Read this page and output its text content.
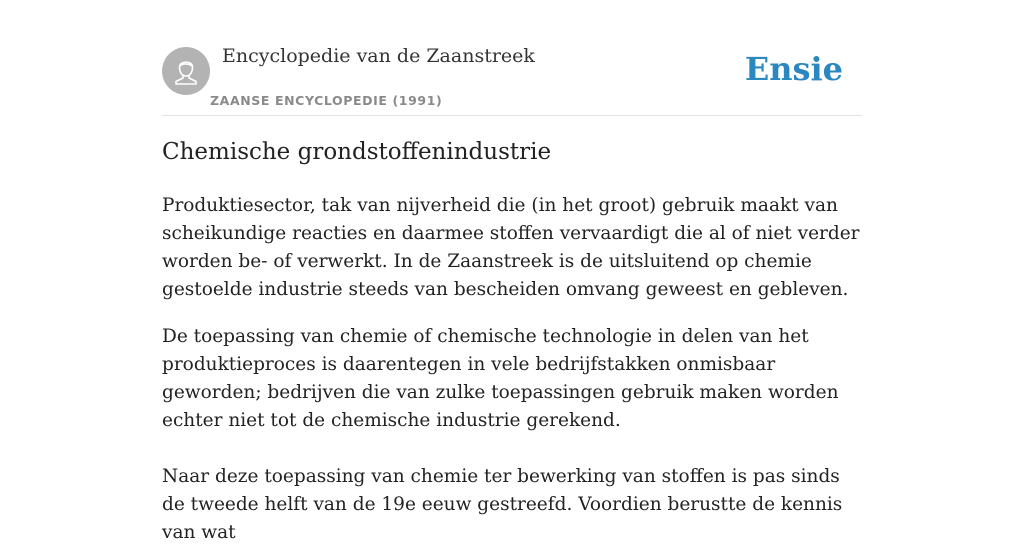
Encyclopedie van de Zaanstreek
ZAANSE ENCYCLOPEDIE (1991)
Ensie
Chemische grondstoffenindustrie

Produktiesector, tak van nijverheid die (in het groot) gebruik maakt van scheikundige reacties en daarmee stoffen vervaardigt die al of niet verder worden be- of verwerkt. In de Zaanstreek is de uitsluitend op chemie gestoelde industrie steeds van bescheiden omvang geweest en gebleven.

De toepassing van chemie of chemische technologie in delen van het produktieproces is daarentegen in vele bedrijfstakken onmisbaar geworden; bedrijven die van zulke toepassingen gebruik maken worden echter niet tot de chemische industrie gerekend.

Naar deze toepassing van chemie ter bewerking van stoffen is pas sinds de tweede helft van de 19e eeuw gestreefd. Voordien berustte de kennis van wat
